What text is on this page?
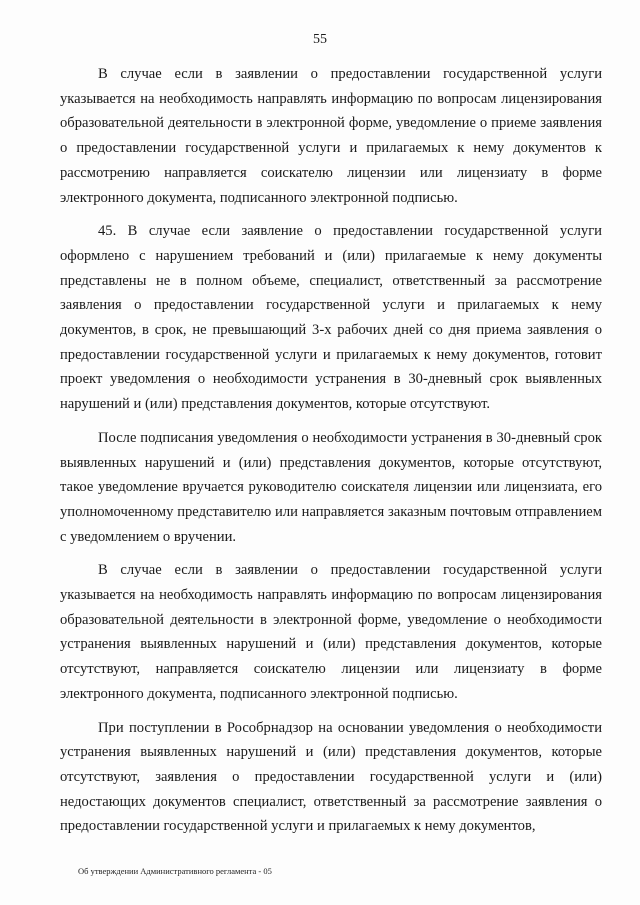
55

В случае если в заявлении о предоставлении государственной услуги указывается на необходимость направлять информацию по вопросам лицензирования образовательной деятельности в электронной форме, уведомление о приеме заявления о предоставлении государственной услуги и прилагаемых к нему документов к рассмотрению направляется соискателю лицензии или лицензиату в форме электронного документа, подписанного электронной подписью.

45. В случае если заявление о предоставлении государственной услуги оформлено с нарушением требований и (или) прилагаемые к нему документы представлены не в полном объеме, специалист, ответственный за рассмотрение заявления о предоставлении государственной услуги и прилагаемых к нему документов, в срок, не превышающий 3-х рабочих дней со дня приема заявления о предоставлении государственной услуги и прилагаемых к нему документов, готовит проект уведомления о необходимости устранения в 30-дневный срок выявленных нарушений и (или) представления документов, которые отсутствуют.

После подписания уведомления о необходимости устранения в 30-дневный срок выявленных нарушений и (или) представления документов, которые отсутствуют, такое уведомление вручается руководителю соискателя лицензии или лицензиата, его уполномоченному представителю или направляется заказным почтовым отправлением с уведомлением о вручении.

В случае если в заявлении о предоставлении государственной услуги указывается на необходимость направлять информацию по вопросам лицензирования образовательной деятельности в электронной форме, уведомление о необходимости устранения выявленных нарушений и (или) представления документов, которые отсутствуют, направляется соискателю лицензии или лицензиату в форме электронного документа, подписанного электронной подписью.

При поступлении в Рособрнадзор на основании уведомления о необходимости устранения выявленных нарушений и (или) представления документов, которые отсутствуют, заявления о предоставлении государственной услуги и (или) недостающих документов специалист, ответственный за рассмотрение заявления о предоставлении государственной услуги и прилагаемых к нему документов,

Об утверждении Административного регламента - 05
